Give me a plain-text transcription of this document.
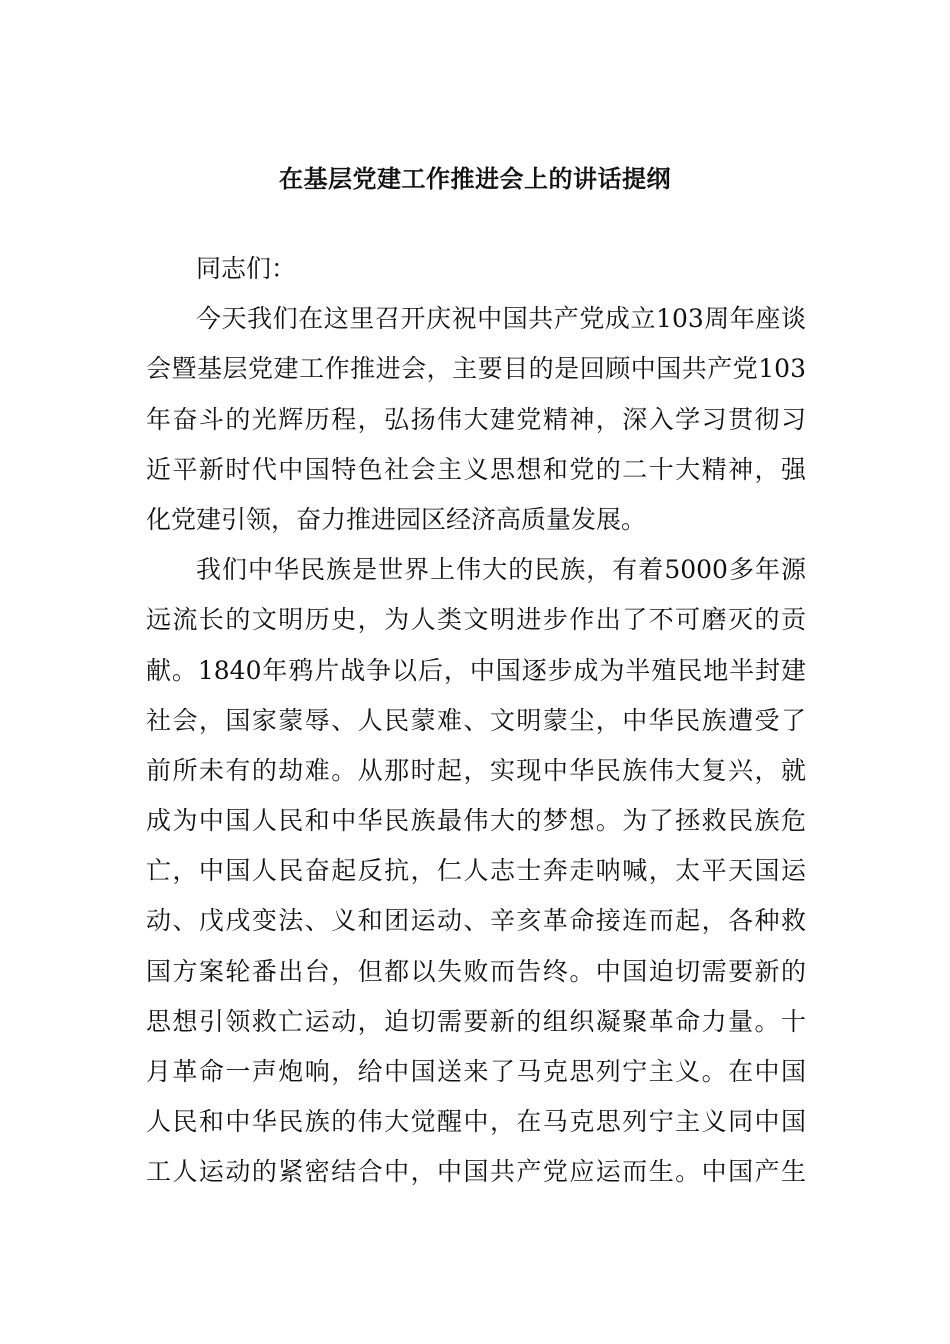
在基层党建工作推进会上的讲话提纲
同志们：
今天我们在这里召开庆祝中国共产党成立103周年座谈
会暨基层党建工作推进会，主要目的是回顾中国共产党103
年奋斗的光辉历程，弘扬伟大建党精神，深入学习贯彻习
近平新时代中国特色社会主义思想和党的二十大精神，强
化党建引领，奋力推进园区经济高质量发展。
我们中华民族是世界上伟大的民族，有着5000多年源
远流长的文明历史，为人类文明进步作出了不可磨灭的贡
献。1840年鸦片战争以后，中国逐步成为半殖民地半封建
社会，国家蒙辱、人民蒙难、文明蒙尘，中华民族遭受了
前所未有的劫难。从那时起，实现中华民族伟大复兴，就
成为中国人民和中华民族最伟大的梦想。为了拯救民族危
亡，中国人民奋起反抗，仁人志士奔走呐喊，太平天国运
动、戊戌变法、义和团运动、辛亥革命接连而起，各种救
国方案轮番出台，但都以失败而告终。中国迫切需要新的
思想引领救亡运动，迫切需要新的组织凝聚革命力量。十
月革命一声炮响，给中国送来了马克思列宁主义。在中国
人民和中华民族的伟大觉醒中，在马克思列宁主义同中国
工人运动的紧密结合中，中国共产党应运而生。中国产生
